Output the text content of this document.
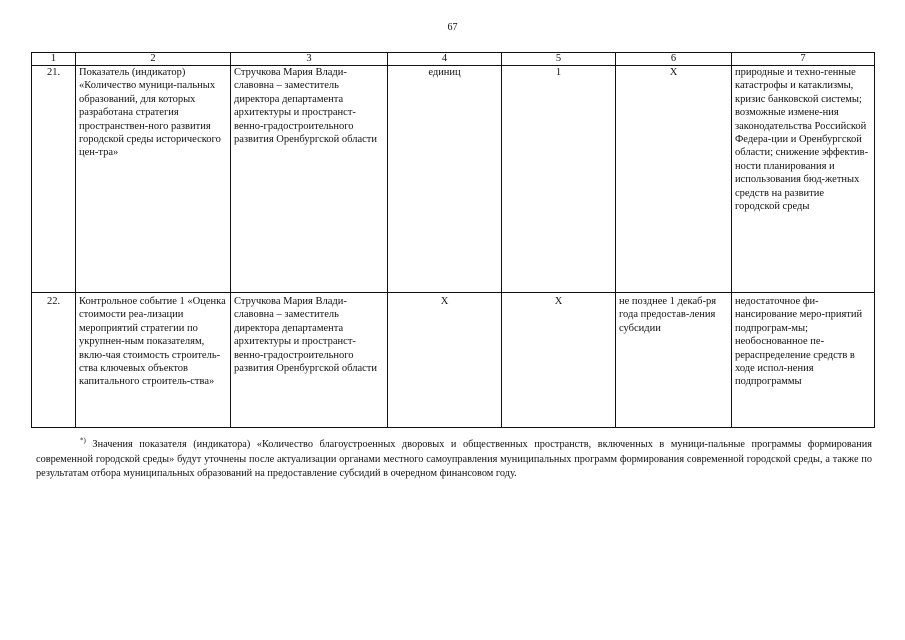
67
1	2	3	4	5	6	7
21.	Показатель (индикатор) «Количество муници-пальных образований, для которых разработана стратегия пространствен-ного развития городской среды исторического цен-тра»	Стручкова Мария Влади-славовна – заместитель директора департамента архитектуры и пространст-венно-градостроительного развития Оренбургской области	единиц	1	X	природные и техно-генные катастрофы и катаклизмы, кризис банковской системы; возможные измене-ния законодательства Российской Федера-ции и Оренбургской области; снижение эффектив-ности планирования и использования бюд-жетных средств на развитие городской среды
22.	Контрольное событие 1 «Оценка стоимости реа-лизации мероприятий стратегии по укрупнен-ным показателям, вклю-чая стоимость строитель-ства ключевых объектов капитального строитель-ства»	Стручкова Мария Влади-славовна – заместитель директора департамента архитектуры и пространст-венно-градостроительного развития Оренбургской области	X	X	не позднее 1 декаб-ря года предостав-ления субсидии	недостаточное фи-нансирование меро-приятий подпрограм-мы; необоснованное пе-рераспределение средств в ходе испол-нения подпрограммы

*) Значения показателя (индикатора) «Количество благоустроенных дворовых и общественных пространств, включенных в муници-пальные программы формирования современной городской среды» будут уточнены после актуализации органами местного самоуправления муниципальных программ формирования современной городской среды, а также по результатам отбора муниципальных образований на предоставление субсидий в очередном финансовом году.
